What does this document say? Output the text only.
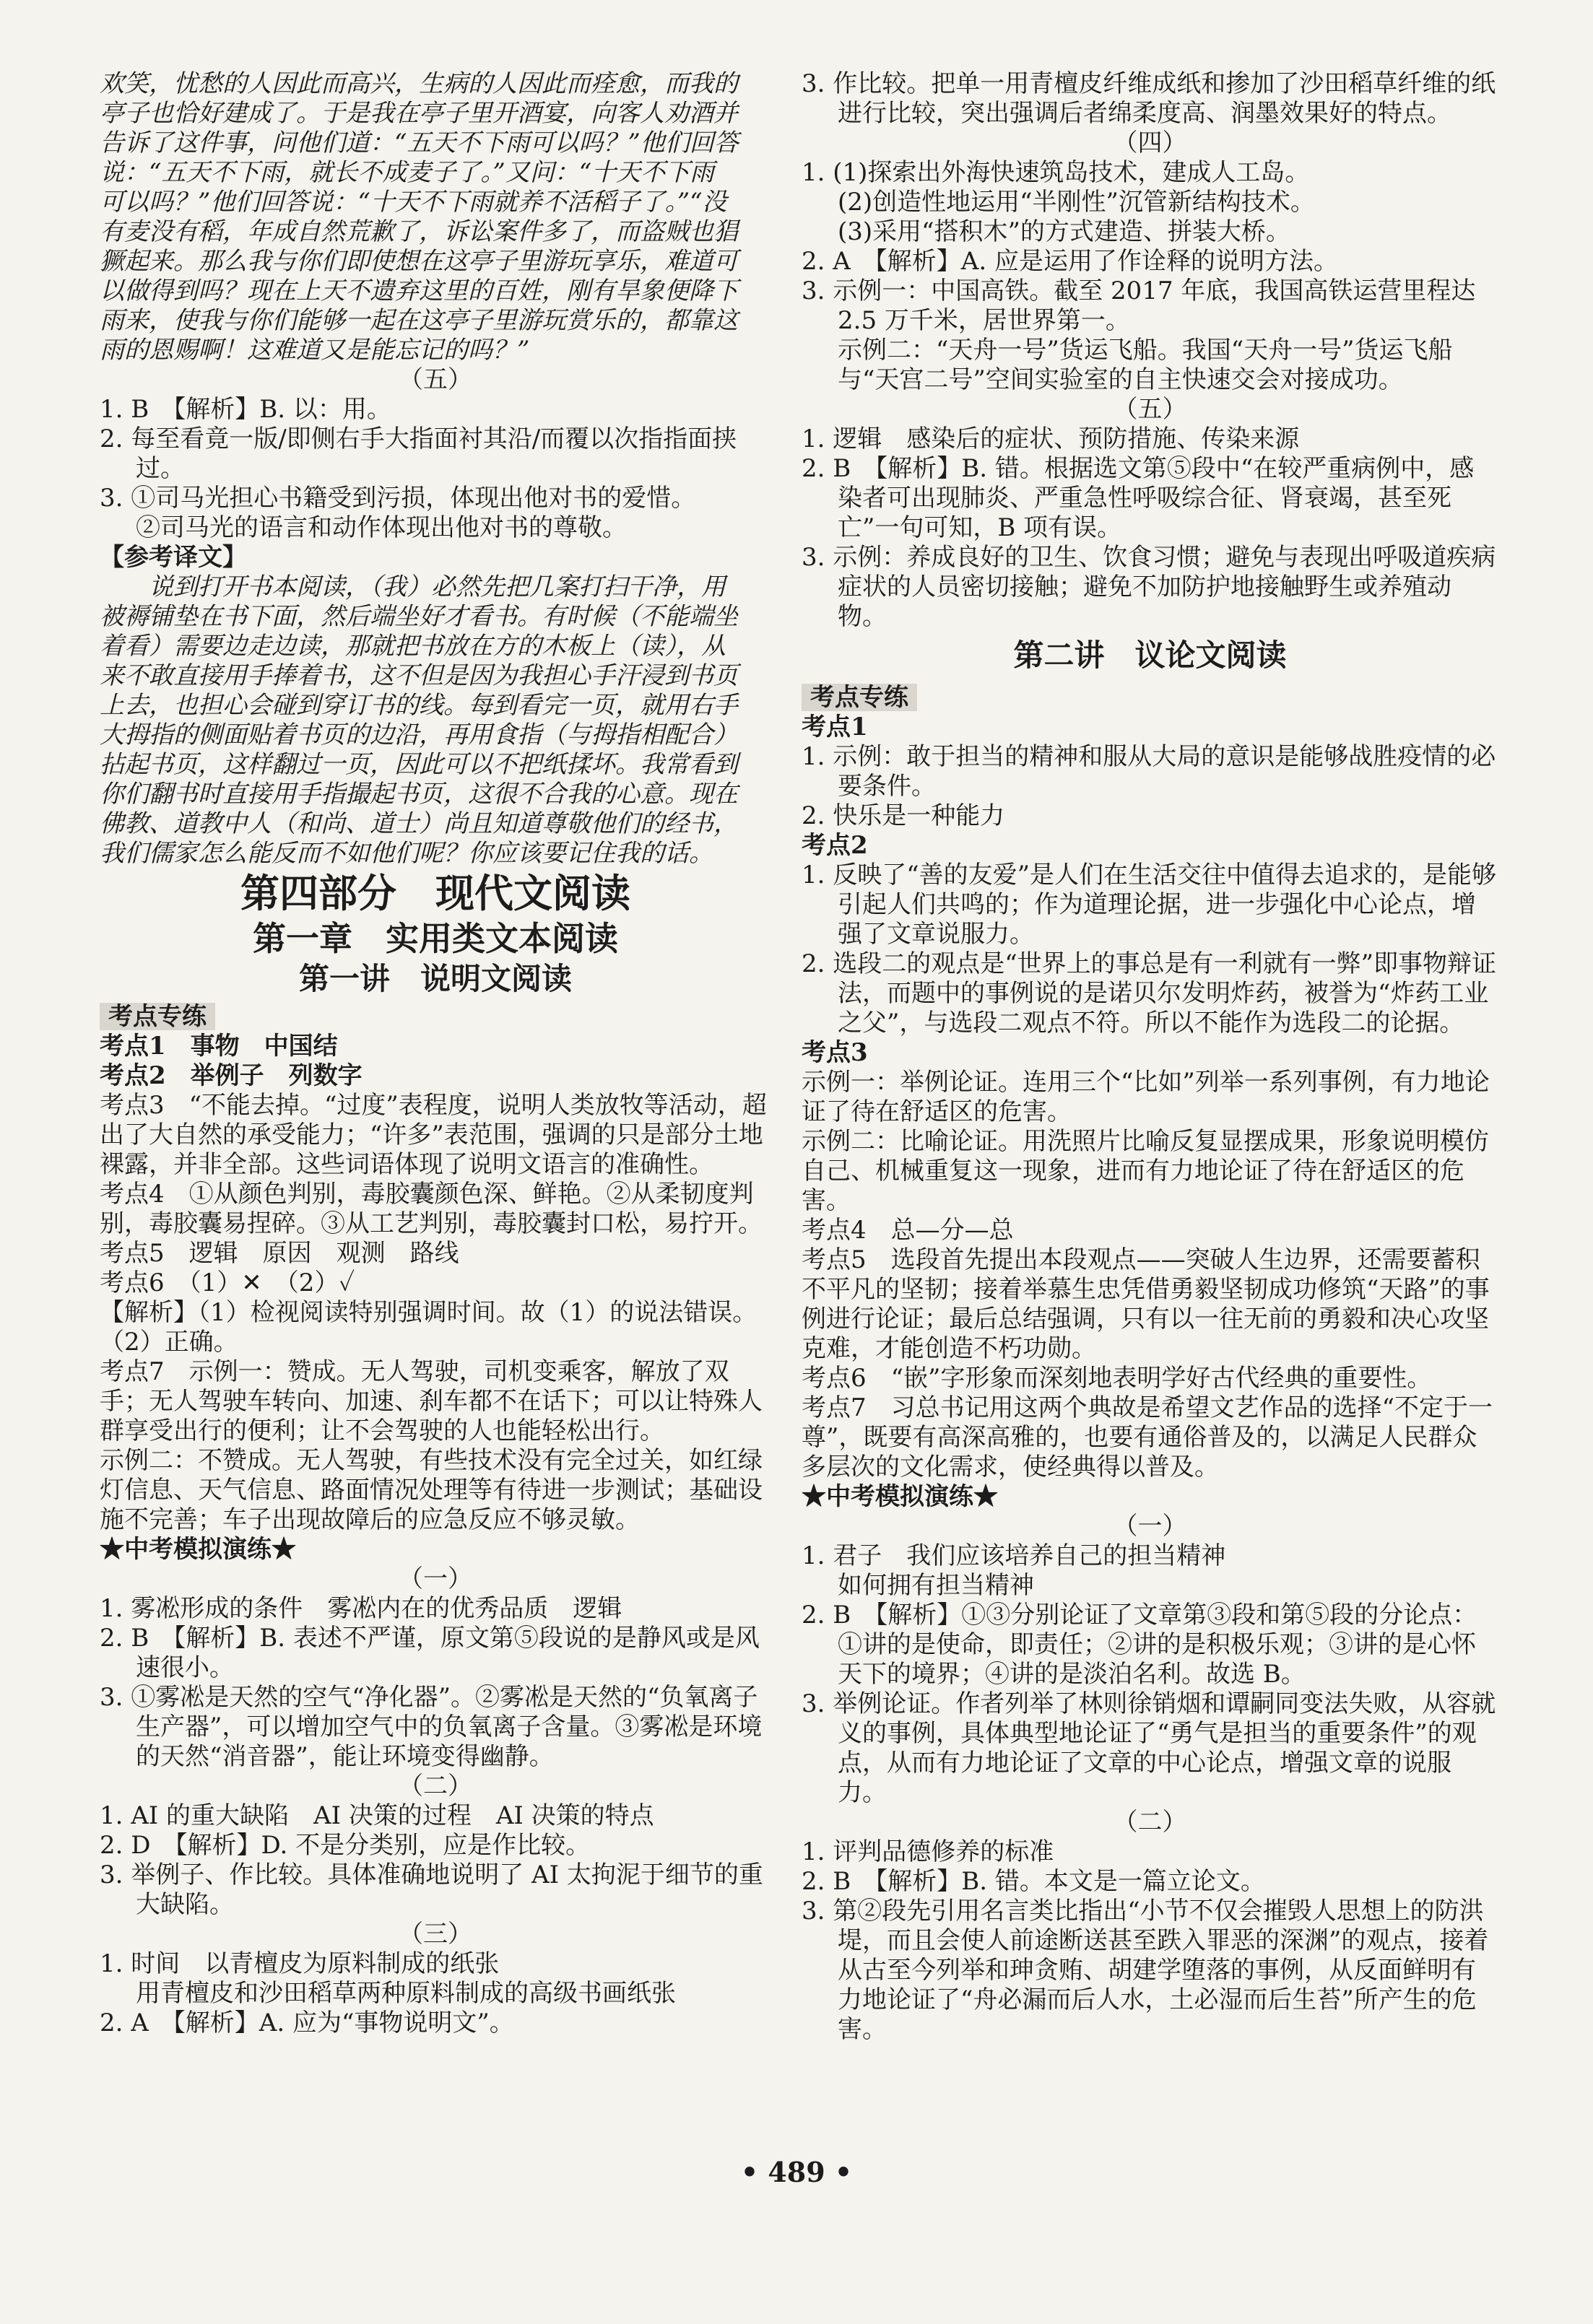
欢笑，忧愁的人因此而高兴，生病的人因此而痊愈，而我的

亭子也恰好建成了。于是我在亭子里开酒宴，向客人劝酒并

告诉了这件事，问他们道：“五天不下雨可以吗？”他们回答

说：“五天不下雨，就长不成麦子了。”又问：“十天不下雨

可以吗？”他们回答说：“十天不下雨就养不活稻子了。”“没

有麦没有稻，年成自然荒歉了，诉讼案件多了，而盗贼也猖

獗起来。那么我与你们即使想在这亭子里游玩享乐，难道可

以做得到吗？现在上天不遗弃这里的百姓，刚有旱象便降下

雨来，使我与你们能够一起在这亭子里游玩赏乐的，都靠这

雨的恩赐啊！这难道又是能忘记的吗？”

（五）

1. B　【解析】B. 以：用。

2. 每至看竟一版/即侧右手大指面衬其沿/而覆以次指指面挟过。

3. ①司马光担心书籍受到污损，体现出他对书的爱惜。

②司马光的语言和动作体现出他对书的尊敬。

【参考译文】

说到打开书本阅读，（我）必然先把几案打扫干净，用

被褥铺垫在书下面，然后端坐好才看书。有时候（不能端坐

着看）需要边走边读，那就把书放在方的木板上（读），从

来不敢直接用手捧着书，这不但是因为我担心手汗浸到书页

上去，也担心会碰到穿订书的线。每到看完一页，就用右手

大拇指的侧面贴着书页的边沿，再用食指（与拇指相配合）

拈起书页，这样翻过一页，因此可以不把纸揉坏。我常看到

你们翻书时直接用手指撮起书页，这很不合我的心意。现在

佛教、道教中人（和尚、道士）尚且知道尊敬他们的经书，

我们儒家怎么能反而不如他们呢？你应该要记住我的话。

第四部分　现代文阅读

第一章　实用类文本阅读

第一讲　说明文阅读

考点专练

考点1　事物　中国结

考点2　举例子　列数字

考点3　“不能去掉。“过度”表程度，说明人类放牧等活动，超出了大自然的承受能力；“许多”表范围，强调的只是部分土地裸露，并非全部。这些词语体现了说明文语言的准确性。

考点4　①从颜色判别，毒胶囊颜色深、鲜艳。②从柔韧度判别，毒胶囊易捏碎。③从工艺判别，毒胶囊封口松，易拧开。

考点5　逻辑　原因　观测　路线

考点6　（1）✕　（2）✓

【解析】（1）检视阅读特别强调时间。故（1）的说法错误。（2）正确。

考点7　示例一：赞成。无人驾驶，司机变乘客，解放了双手；无人驾驶车转向、加速、刹车都不在话下；可以让特殊人群享受出行的便利；让不会驾驶的人也能轻松出行。

示例二：不赞成。无人驾驶，有些技术没有完全过关，如红绿灯信息、天气信息、路面情况处理等有待进一步测试；基础设施不完善；车子出现故障后的应急反应不够灵敏。

★中考模拟演练★

（一）

1. 雾凇形成的条件　雾凇内在的优秀品质　逻辑

2. B　【解析】B. 表述不严谨，原文第⑤段说的是静风或是风速很小。

3. ①雾凇是天然的空气“净化器”。②雾凇是天然的“负氧离子生产器”，可以增加空气中的负氧离子含量。③雾凇是环境的天然“消音器”，能让环境变得幽静。

（二）

1. AI 的重大缺陷　AI 决策的过程　AI 决策的特点

2. D　【解析】D. 不是分类别，应是作比较。

3. 举例子、作比较。具体准确地说明了 AI 太拘泥于细节的重大缺陷。

（三）

1. 时间　以青檀皮为原料制成的纸张

用青檀皮和沙田稻草两种原料制成的高级书画纸张

2. A　【解析】A. 应为“事物说明文”。

3. 作比较。把单一用青檀皮纤维成纸和掺加了沙田稻草纤维的纸进行比较，突出强调后者绵柔度高、润墨效果好的特点。

（四）

1. (1)探索出外海快速筑岛技术，建成人工岛。

(2)创造性地运用“半刚性”沉管新结构技术。

(3)采用“搭积木”的方式建造、拼装大桥。

2. A　【解析】A. 应是运用了作诠释的说明方法。

3. 示例一：中国高铁。截至 2017 年底，我国高铁运营里程达 2.5 万千米，居世界第一。

示例二：“天舟一号”货运飞船。我国“天舟一号”货运飞船与“天宫二号”空间实验室的自主快速交会对接成功。

（五）

1. 逻辑　感染后的症状、预防措施、传染来源

2. B　【解析】B. 错。根据选文第⑤段中“在较严重病例中，感染者可出现肺炎、严重急性呼吸综合征、肾衰竭，甚至死亡”一句可知，B 项有误。

3. 示例：养成良好的卫生、饮食习惯；避免与表现出呼吸道疾病症状的人员密切接触；避免不加防护地接触野生或养殖动物。

第二讲　议论文阅读

考点专练

考点1

1. 示例：敢于担当的精神和服从大局的意识是能够战胜疫情的必要条件。

2. 快乐是一种能力

考点2

1. 反映了“善的友爱”是人们在生活交往中值得去追求的，是能够引起人们共鸣的；作为道理论据，进一步强化中心论点，增强了文章说服力。

2. 选段二的观点是“世界上的事总是有一利就有一弊”即事物辩证法，而题中的事例说的是诺贝尔发明炸药，被誉为“炸药工业之父”，与选段二观点不符。所以不能作为选段二的论据。

考点3

示例一：举例论证。连用三个“比如”列举一系列事例，有力地论证了待在舒适区的危害。

示例二：比喻论证。用洗照片比喻反复显摆成果，形象说明模仿自己、机械重复这一现象，进而有力地论证了待在舒适区的危害。

考点4　总—分—总

考点5　选段首先提出本段观点——突破人生边界，还需要蓄积不平凡的坚韧；接着举慕生忠凭借勇毅坚韧成功修筑“天路”的事例进行论证；最后总结强调，只有以一往无前的勇毅和决心攻坚克难，才能创造不朽功勋。

考点6　“嵌”字形象而深刻地表明学好古代经典的重要性。

考点7　习总书记用这两个典故是希望文艺作品的选择“不定于一尊”，既要有高深高雅的，也要有通俗普及的，以满足人民群众多层次的文化需求，使经典得以普及。

★中考模拟演练★

（一）

1. 君子　我们应该培养自己的担当精神

如何拥有担当精神

2. B　【解析】①③分别论证了文章第③段和第⑤段的分论点：①讲的是使命，即责任；②讲的是积极乐观；③讲的是心怀天下的境界；④讲的是淡泊名利。故选 B。

3. 举例论证。作者列举了林则徐销烟和谭嗣同变法失败，从容就义的事例，具体典型地论证了“勇气是担当的重要条件”的观点，从而有力地论证了文章的中心论点，增强文章的说服力。

（二）

1. 评判品德修养的标准

2. B　【解析】B. 错。本文是一篇立论文。

3. 第②段先引用名言类比指出“小节不仅会摧毁人思想上的防洪堤，而且会使人前途断送甚至跌入罪恶的深渊”的观点，接着从古至今列举和珅贪贿、胡建学堕落的事例，从反面鲜明有力地论证了“舟必漏而后人水，土必湿而后生苔”所产生的危害。

• 489 •
